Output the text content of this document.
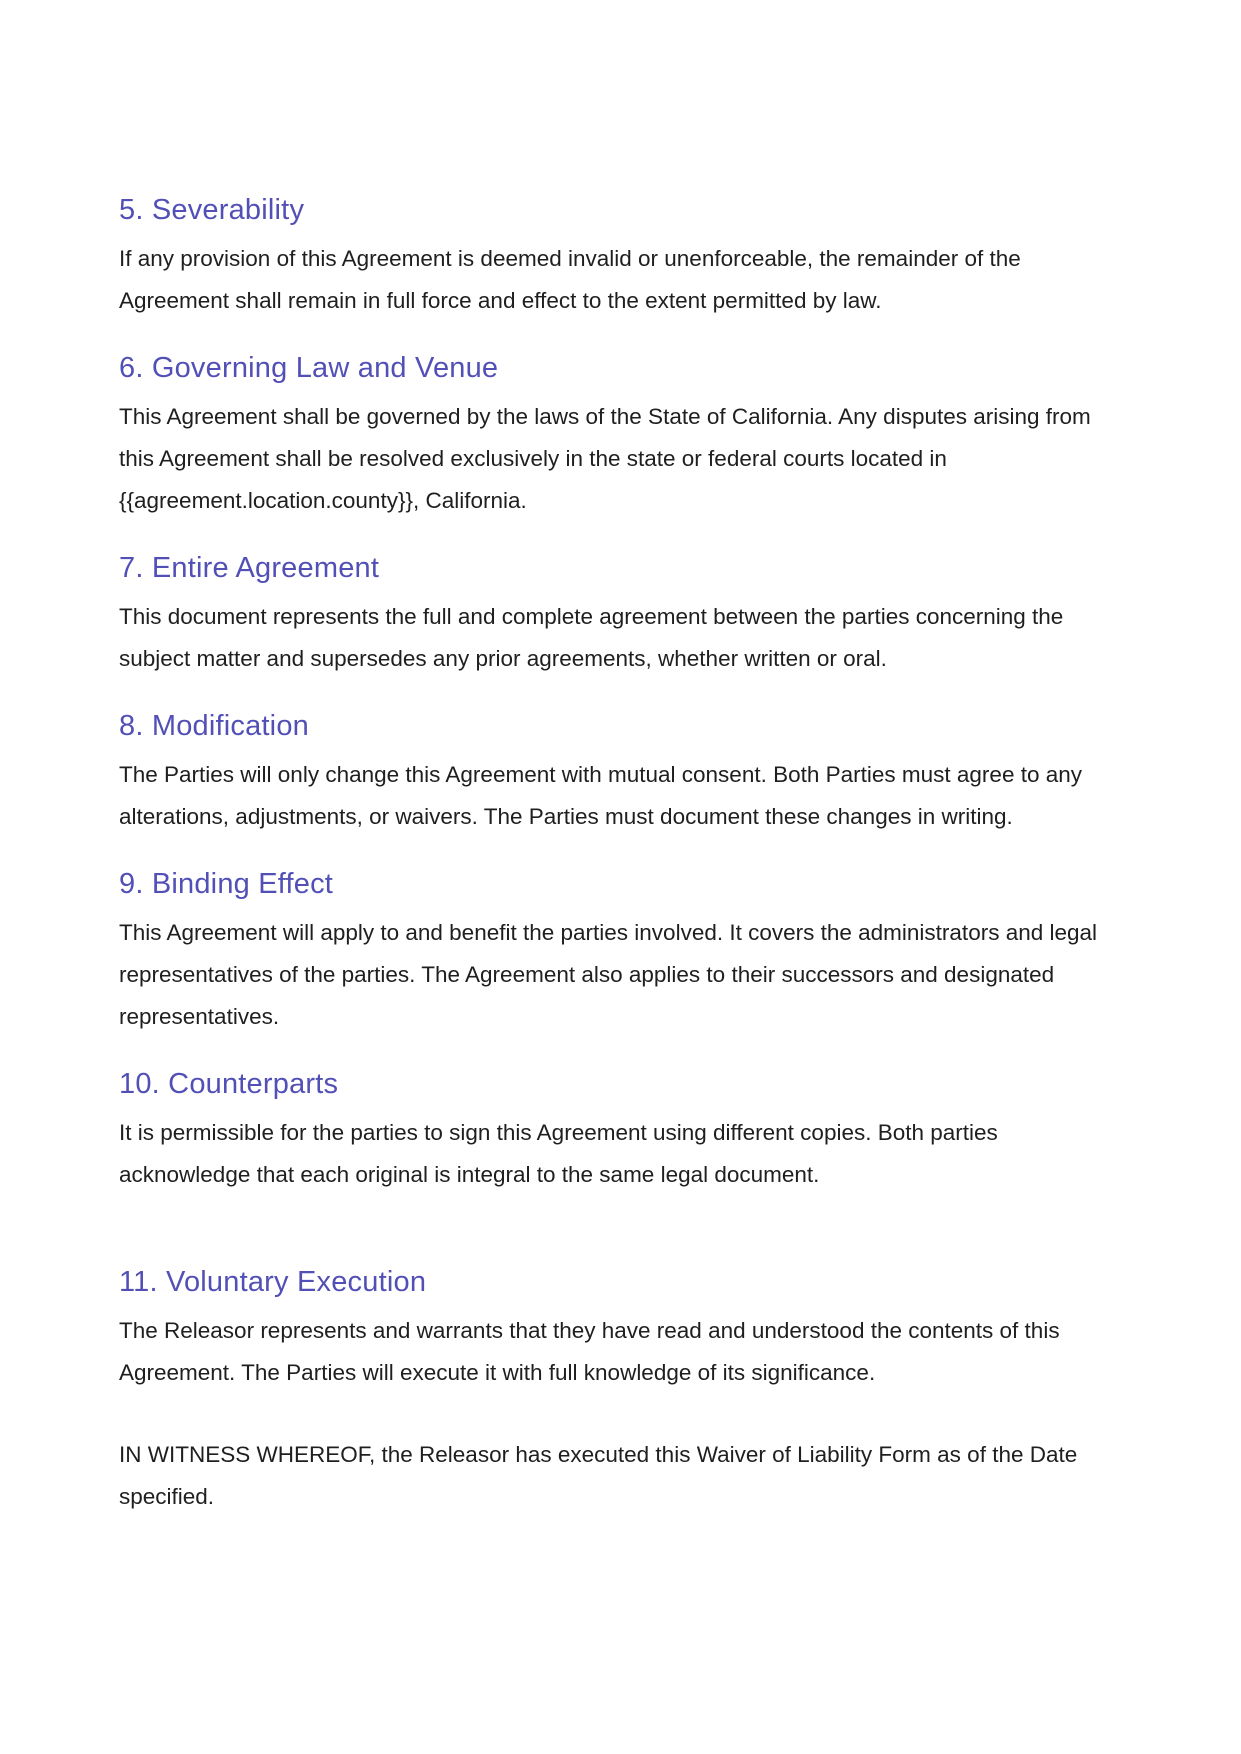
5. Severability

If any provision of this Agreement is deemed invalid or unenforceable, the remainder of the Agreement shall remain in full force and effect to the extent permitted by law.

6. Governing Law and Venue

This Agreement shall be governed by the laws of the State of California. Any disputes arising from this Agreement shall be resolved exclusively in the state or federal courts located in {{agreement.location.county}}, California.

7. Entire Agreement

This document represents the full and complete agreement between the parties concerning the subject matter and supersedes any prior agreements, whether written or oral.

8. Modification

The Parties will only change this Agreement with mutual consent. Both Parties must agree to any alterations, adjustments, or waivers. The Parties must document these changes in writing.

9. Binding Effect

This Agreement will apply to and benefit the parties involved. It covers the administrators and legal representatives of the parties. The Agreement also applies to their successors and designated representatives.

10. Counterparts

It is permissible for the parties to sign this Agreement using different copies. Both parties acknowledge that each original is integral to the same legal document.

11. Voluntary Execution

The Releasor represents and warrants that they have read and understood the contents of this Agreement. The Parties will execute it with full knowledge of its significance.

IN WITNESS WHEREOF, the Releasor has executed this Waiver of Liability Form as of the Date specified.
